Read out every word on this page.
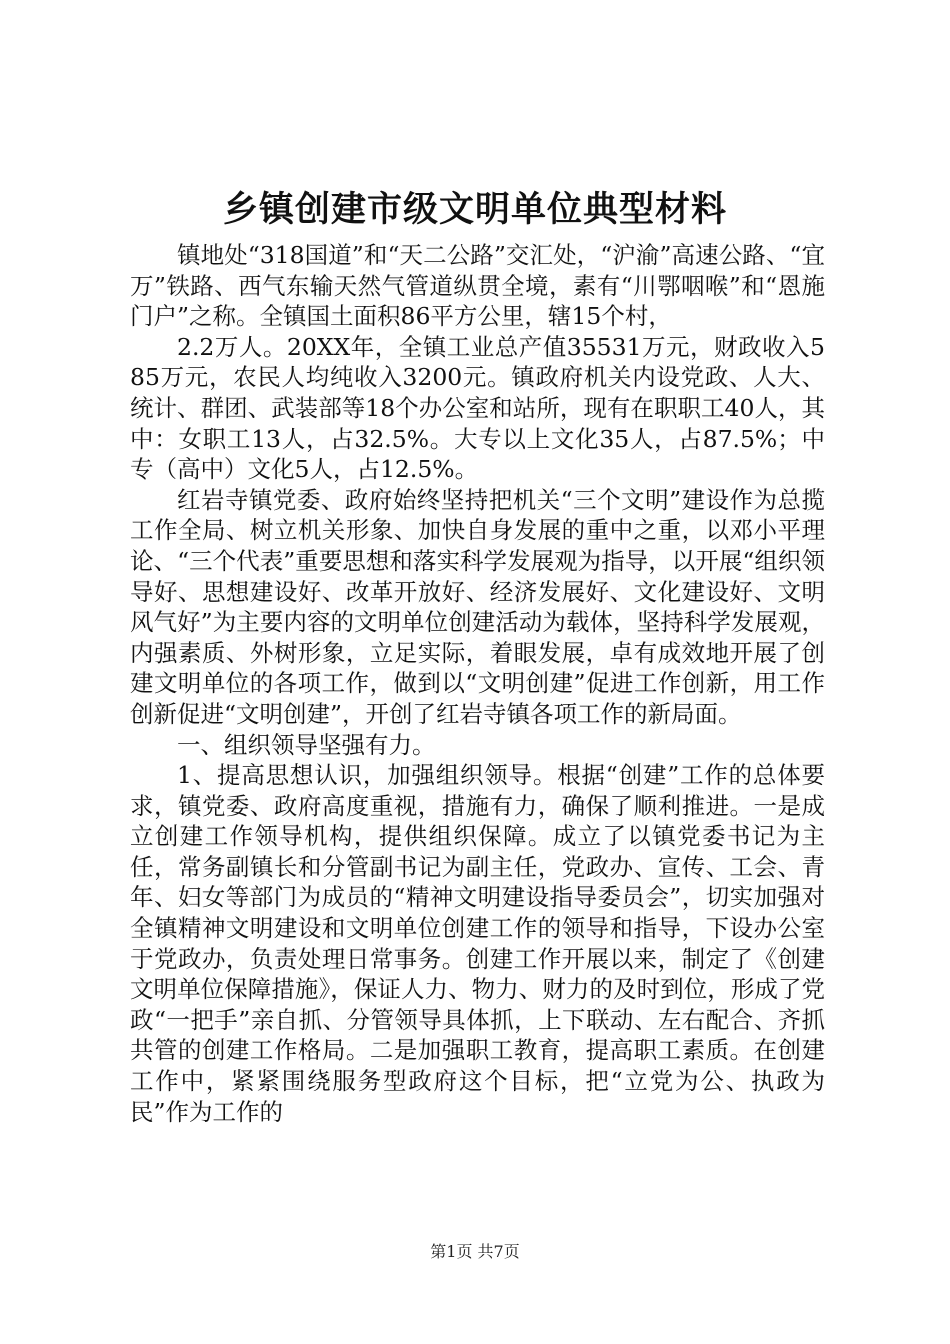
乡镇创建市级文明单位典型材料

镇地处“318国道”和“天二公路”交汇处，“沪渝”高速公路、“宜万”铁路、西气东输天然气管道纵贯全境，素有“川鄂咽喉”和“恩施门户”之称。全镇国土面积86平方公里，辖15个村，

2.2万人。20XX年，全镇工业总产值35531万元，财政收入585万元，农民人均纯收入3200元。镇政府机关内设党政、人大、统计、群团、武装部等18个办公室和站所，现有在职职工40人，其中：女职工13人，占32.5%。大专以上文化35人，占87.5%；中专（高中）文化5人，占12.5%。

红岩寺镇党委、政府始终坚持把机关“三个文明”建设作为总揽工作全局、树立机关形象、加快自身发展的重中之重，以邓小平理论、“三个代表”重要思想和落实科学发展观为指导，以开展“组织领导好、思想建设好、改革开放好、经济发展好、文化建设好、文明风气好”为主要内容的文明单位创建活动为载体，坚持科学发展观，内强素质、外树形象，立足实际，着眼发展，卓有成效地开展了创建文明单位的各项工作，做到以“文明创建”促进工作创新，用工作创新促进“文明创建”，开创了红岩寺镇各项工作的新局面。

一、组织领导坚强有力。

1、提高思想认识，加强组织领导。根据“创建”工作的总体要求，镇党委、政府高度重视，措施有力，确保了顺利推进。一是成立创建工作领导机构，提供组织保障。成立了以镇党委书记为主任，常务副镇长和分管副书记为副主任，党政办、宣传、工会、青年、妇女等部门为成员的“精神文明建设指导委员会”，切实加强对全镇精神文明建设和文明单位创建工作的领导和指导，下设办公室于党政办，负责处理日常事务。创建工作开展以来，制定了《创建文明单位保障措施》，保证人力、物力、财力的及时到位，形成了党政“一把手”亲自抓、分管领导具体抓，上下联动、左右配合、齐抓共管的创建工作格局。二是加强职工教育，提高职工素质。在创建工作中，紧紧围绕服务型政府这个目标，把“立党为公、执政为民”作为工作的

第1页 共7页
